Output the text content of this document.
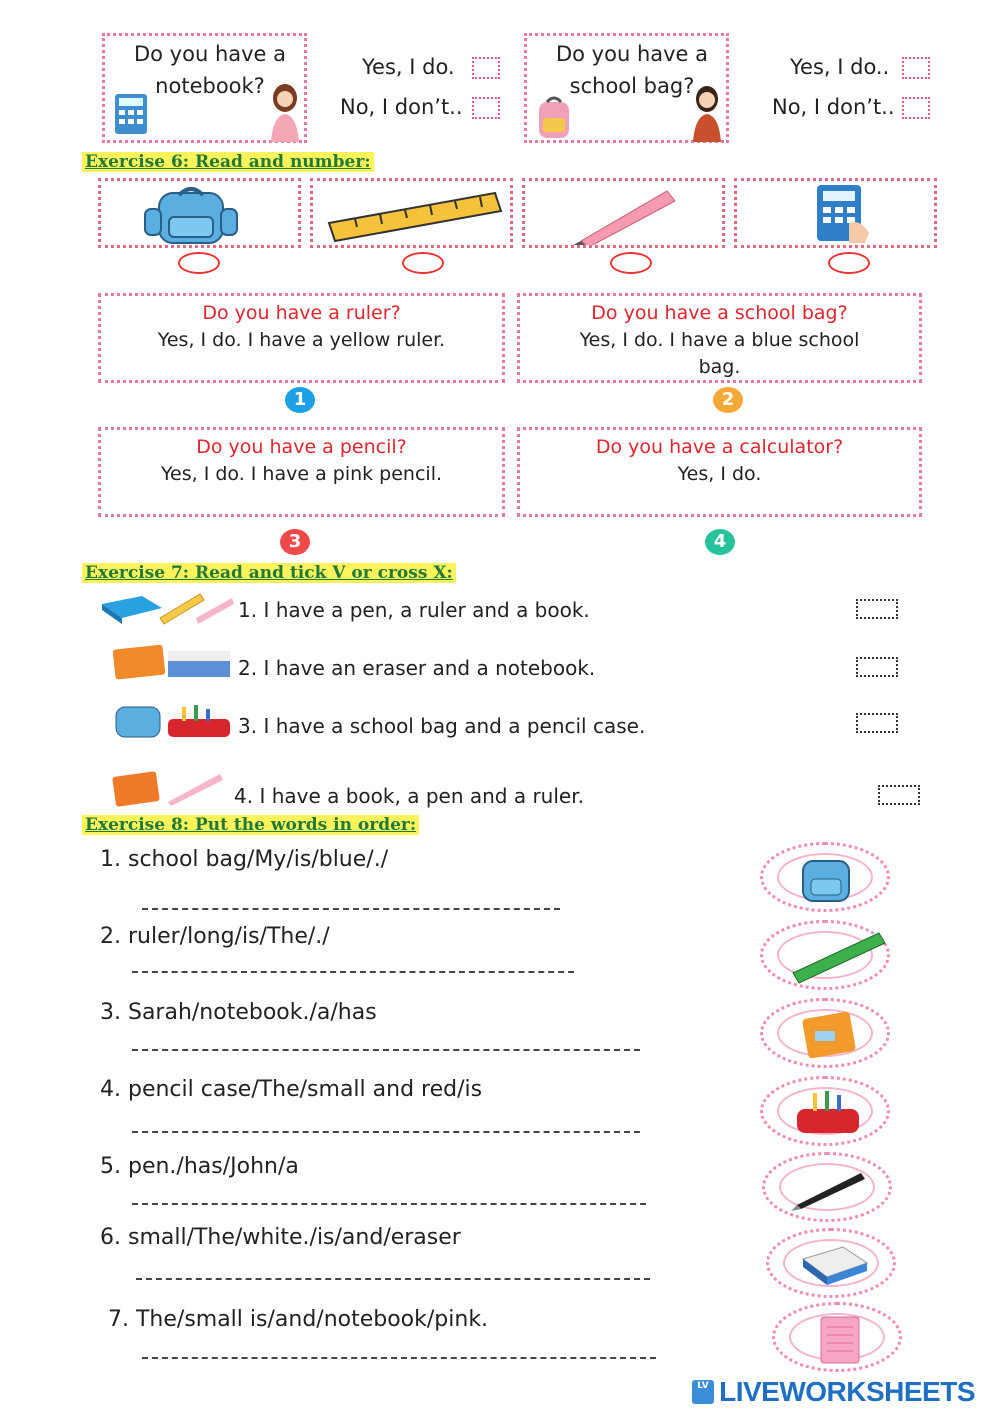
Do you have a notebook?
Yes, I do.
No, I don’t..
Do you have a school bag?
Yes, I do..
No, I don’t..
Exercise 6: Read and number:
Do you have a ruler?
Yes, I do. I have a yellow ruler.
Do you have a school bag?
Yes, I do. I have a blue school bag.
1	2
Do you have a pencil?
Yes, I do. I have a pink pencil.
Do you have a calculator?
Yes, I do.
3	4
Exercise 7: Read and tick V or cross X:
1. I have a pen, a ruler and a book.
2. I have an eraser and a notebook.
3. I have a school bag and a pencil case.
4. I have a book, a pen and a ruler.
Exercise 8: Put the words in order:
1. school bag/My/is/blue/./
2. ruler/long/is/The/./
3. Sarah/notebook./a/has
4. pencil case/The/small and red/is
5. pen./has/John/a
6. small/The/white./is/and/eraser
7. The/small is/and/notebook/pink.
LV LIVEWORKSHEETS
